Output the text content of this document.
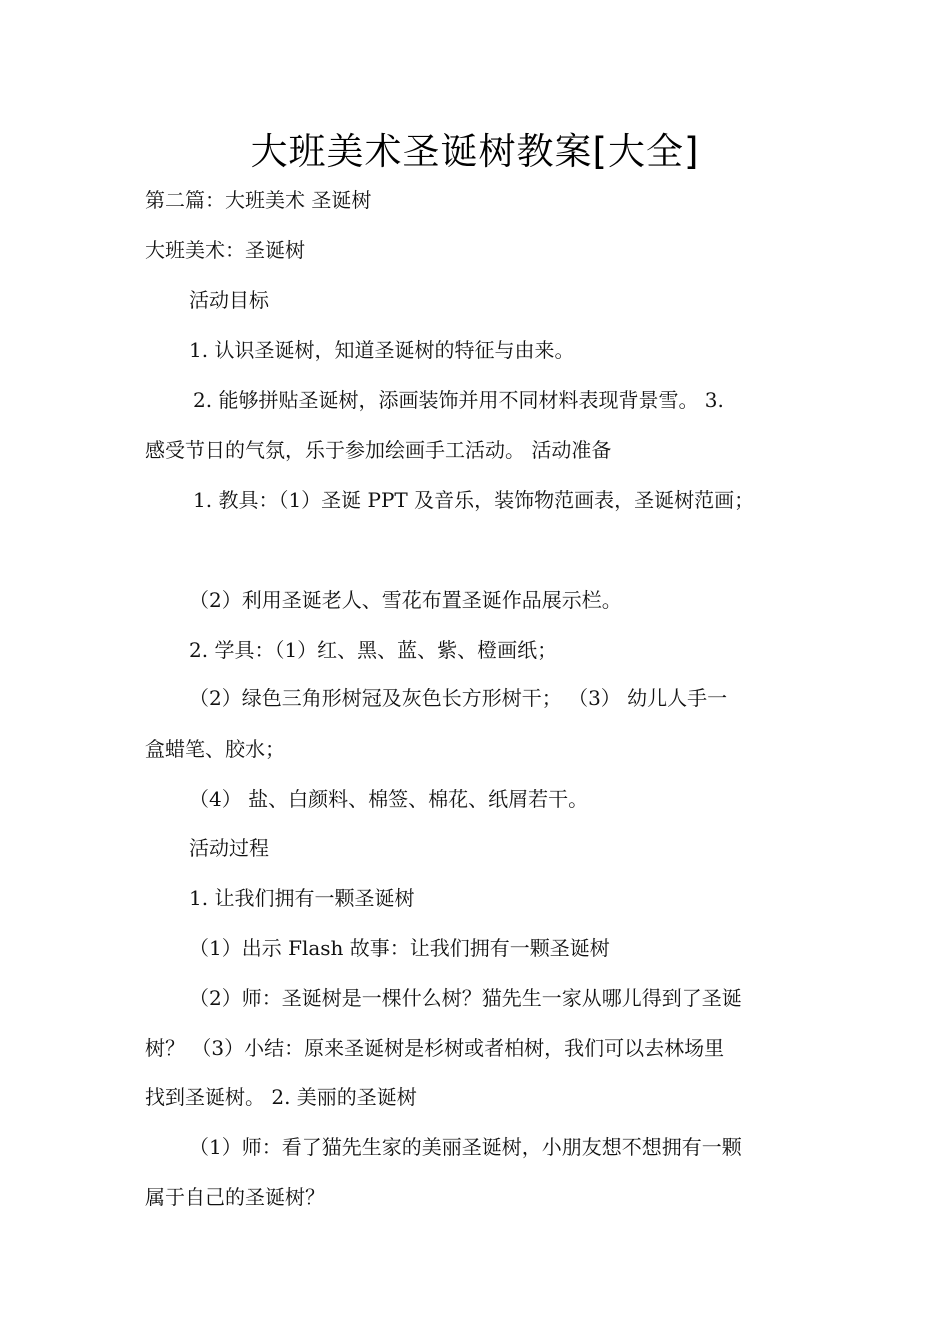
大班美术圣诞树教案[大全]
第二篇：大班美术 圣诞树
大班美术：圣诞树
活动目标
1. 认识圣诞树，知道圣诞树的特征与由来。
2. 能够拼贴圣诞树，添画装饰并用不同材料表现背景雪。 3.
感受节日的气氛，乐于参加绘画手工活动。 活动准备
1. 教具：（1）圣诞 PPT 及音乐，装饰物范画表，圣诞树范画；
（2）利用圣诞老人、雪花布置圣诞作品展示栏。
2. 学具：（1）红、黑、蓝、紫、橙画纸；
（2）绿色三角形树冠及灰色长方形树干； （3） 幼儿人手一
盒蜡笔、胶水；
（4） 盐、白颜料、棉签、棉花、纸屑若干。
活动过程
1. 让我们拥有一颗圣诞树
（1）出示 Flash 故事：让我们拥有一颗圣诞树
（2）师：圣诞树是一棵什么树？猫先生一家从哪儿得到了圣诞
树？ （3）小结：原来圣诞树是杉树或者柏树，我们可以去林场里
找到圣诞树。 2. 美丽的圣诞树
（1）师：看了猫先生家的美丽圣诞树，小朋友想不想拥有一颗
属于自己的圣诞树？
